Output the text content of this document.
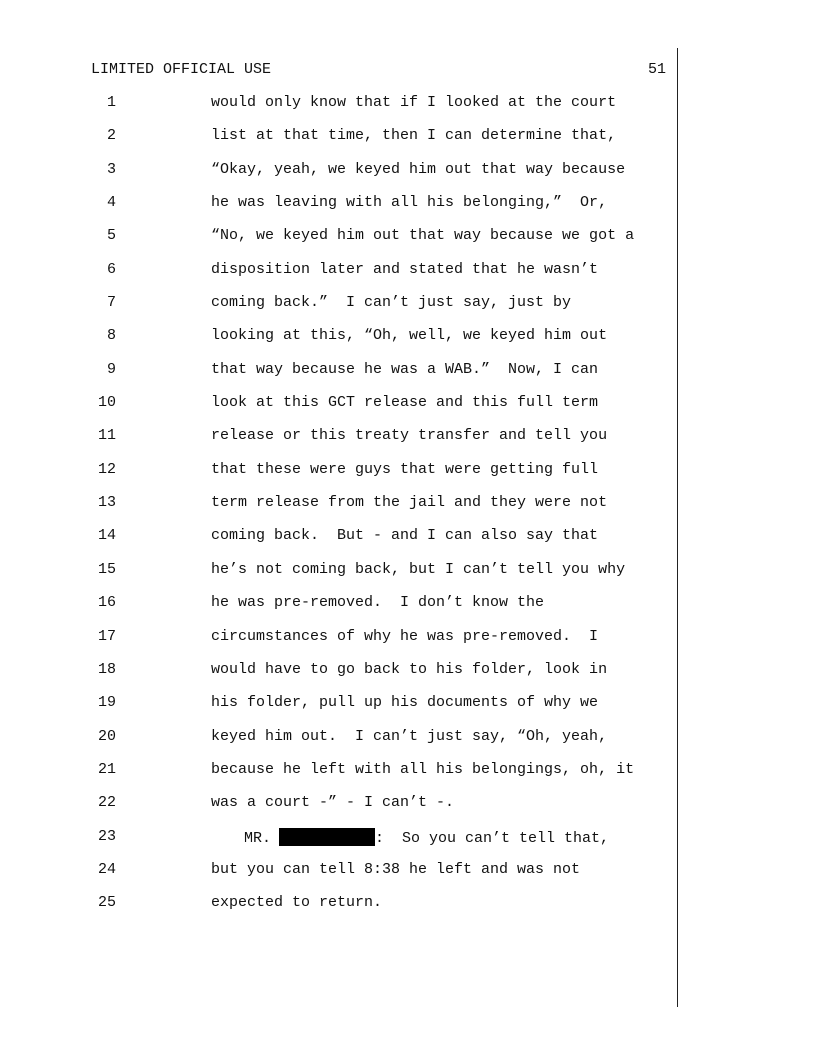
LIMITED OFFICIAL USE	51
1	would only know that if I looked at the court
2	list at that time, then I can determine that,
3	“Okay, yeah, we keyed him out that way because
4	he was leaving with all his belonging,”  Or,
5	“No, we keyed him out that way because we got a
6	disposition later and stated that he wasn’t
7	coming back.”  I can’t just say, just by
8	looking at this, “Oh, well, we keyed him out
9	that way because he was a WAB.”  Now, I can
10	look at this GCT release and this full term
11	release or this treaty transfer and tell you
12	that these were guys that were getting full
13	term release from the jail and they were not
14	coming back.  But - and I can also say that
15	he’s not coming back, but I can’t tell you why
16	he was pre-removed.  I don’t know the
17	circumstances of why he was pre-removed.  I
18	would have to go back to his folder, look in
19	his folder, pull up his documents of why we
20	keyed him out.  I can’t just say, “Oh, yeah,
21	because he left with all his belongings, oh, it
22	was a court -” - I can’t -.
23	MR.	:  So you can’t tell that,
24	but you can tell 8:38 he left and was not
25	expected to return.
